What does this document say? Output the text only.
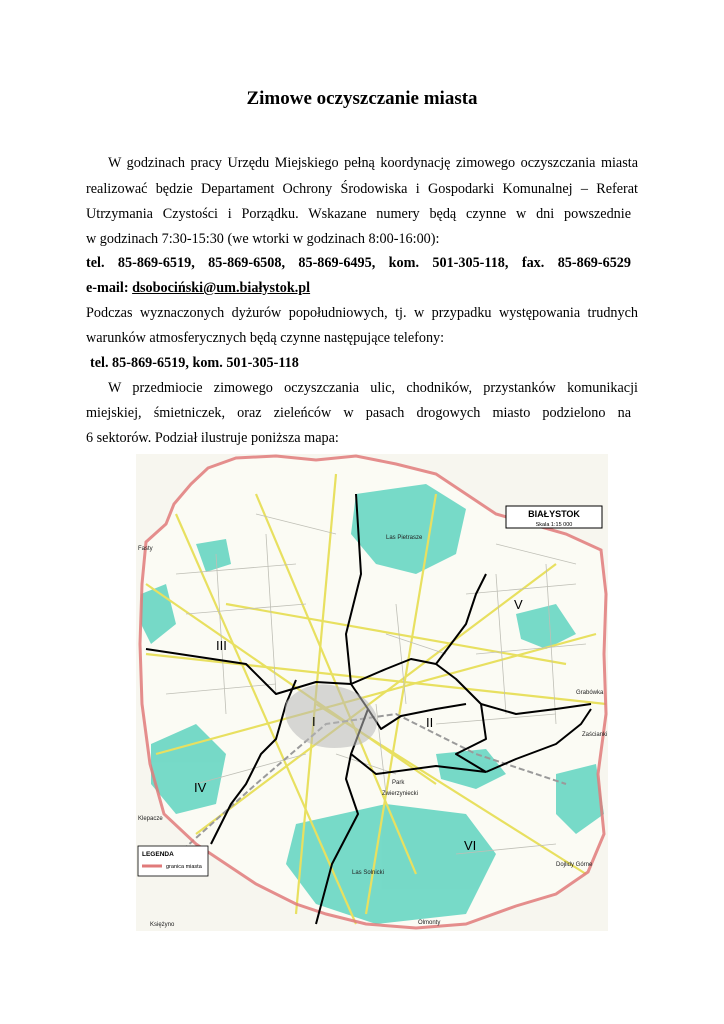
Zimowe oczyszczanie miasta
W godzinach pracy Urzędu Miejskiego pełną koordynację zimowego oczyszczania miasta
realizować będzie Departament Ochrony Środowiska i Gospodarki Komunalnej – Referat
Utrzymania Czystości i Porządku. Wskazane numery będą czynne w dni powszednie
w godzinach 7:30-15:30 (we wtorki w godzinach 8:00-16:00):
tel. 85-869-6519, 85-869-6508, 85-869-6495, kom. 501-305-118, fax. 85-869-6529
e-mail: dsobociński@um.białystok.pl
Podczas wyznaczonych dyżurów popołudniowych, tj. w przypadku występowania trudnych
warunków atmosferycznych będą czynne następujące telefony:
tel. 85-869-6519, kom. 501-305-118
W przedmiocie zimowego oczyszczania ulic, chodników, przystanków komunikacji
miejskiej, śmietniczek, oraz zieleńców w pasach drogowych miasto podzielono na
6 sektorów. Podział ilustruje poniższa mapa:
BIAŁYSTOK
Skala 1:15 000
I	II
III
IV
V
VI
Fasty
Las Pietrasze
Grabówka
Zaścianki
Klepacze
Park
Zwierzyniecki
Las Solnicki
Księżyno	Olmonty
Dojlidy Górne
LEGENDA
granica miasta
